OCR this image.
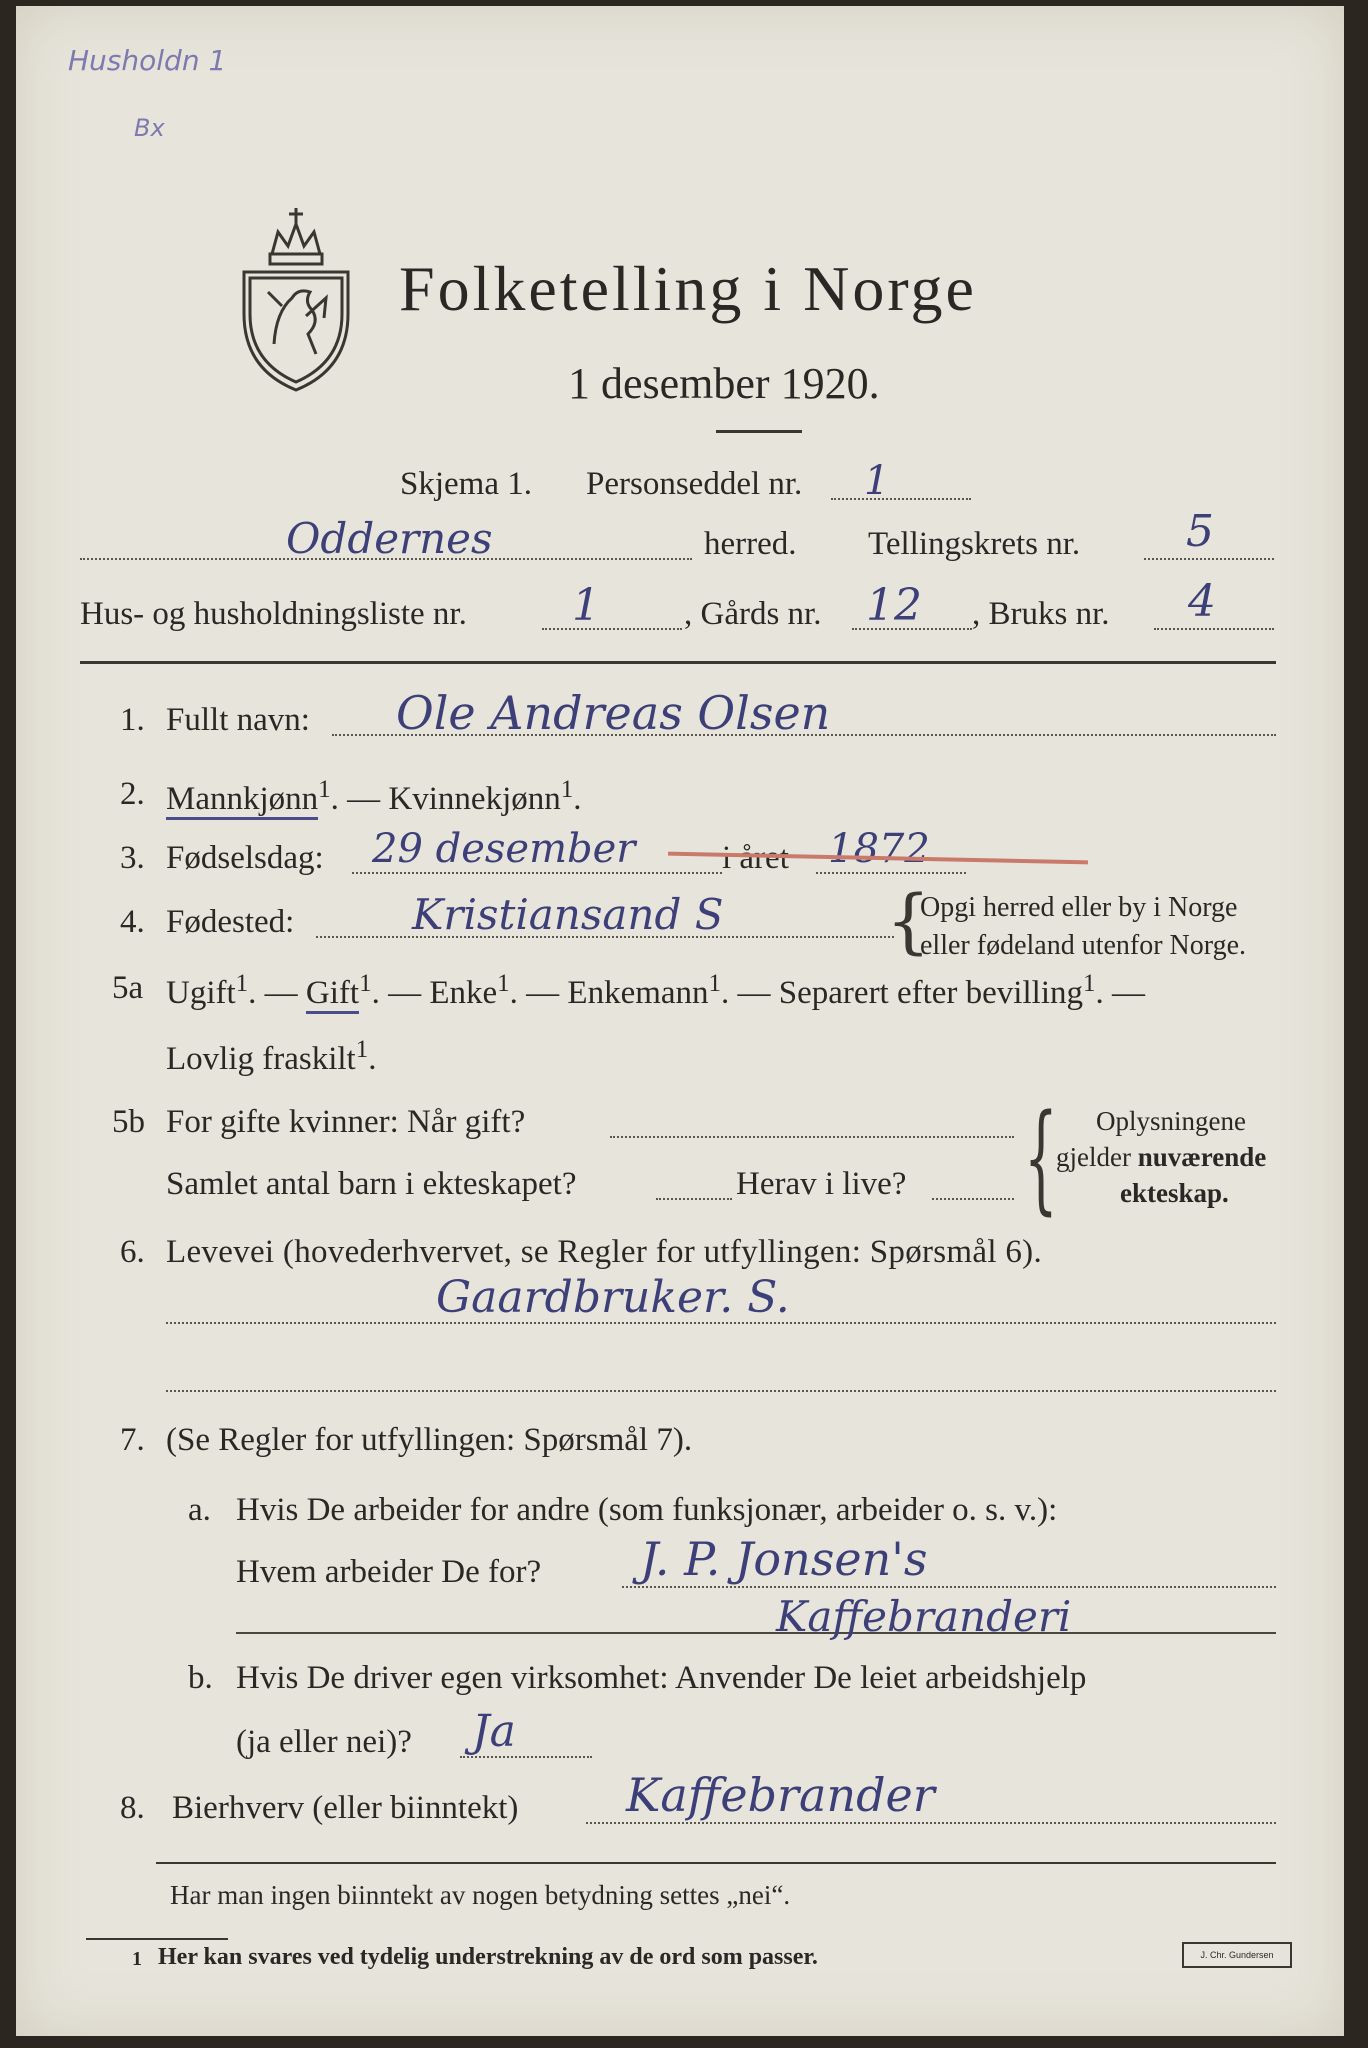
Husholdn 1
Bx
Folketelling i Norge
1 desember 1920.
Skjema 1. Personseddel nr. 1
Oddernes	herred. Tellingskrets nr. 5
Hus- og husholdningsliste nr. 1	, Gårds nr. 12 , Bruks nr. 4
1. Fullt navn: Ole Andreas Olsen
2. Mannkjønn$^1$. — Kvinnekjønn$^1$.
3. Fødselsdag: 29 desember	i året 1872
4. Fødested:	Kristiansand S {
Opgi herred eller by i Norge
eller fødeland utenfor Norge.
5a Ugift$^1$. — Gift$^1$. — Enke$^1$. — Enkemann$^1$. — Separert efter bevilling$^1$. —
Lovlig fraskilt$^1$.
5b For gifte kvinner: Når gift?
Samlet antal barn i ekteskapet?	Herav i live? { Oplysningene
gjelder nuværende
ekteskap.
6. Levevei (hovederhvervet, se Regler for utfyllingen: Spørsmål 6).
Gaardbruker. S.
7. (Se Regler for utfyllingen: Spørsmål 7).
a. Hvis De arbeider for andre (som funksjonær, arbeider o. s. v.):
Hvem arbeider De for? J. P. Jonsen's
Kaffebranderi
b. Hvis De driver egen virksomhet: Anvender De leiet arbeidshjelp
(ja eller nei)? Ja
8. Bierhverv (eller biinntekt) Kaffebrander
Har man ingen biinntekt av nogen betydning settes „nei“.
1 Her kan svares ved tydelig understrekning av de ord som passer.	J. Chr. Gundersen
